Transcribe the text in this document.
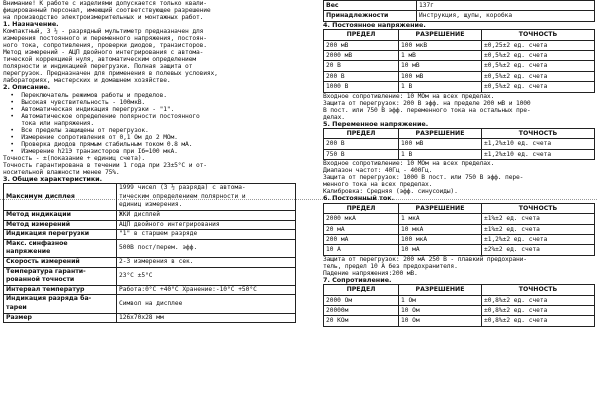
Внимание! К работе с изделиями допускается только квали-
фицированный персонал, имеющий соответствующее разрешение
на производство электроизмерительных и монтажных работ.
1. Назначение.
Компактный, 3 ½ - разрядный мультиметр предназначен для
измерения постоянного и переменного напряжения, постоян-
ного тока, сопротивления, проверки диодов, транзисторов.
Метод измерений - АЦП двойного интегрирования с автома-
тической коррекцией нуля, автоматическим определением
полярности и индикацией перегрузки. Полная защита от
перегрузок. Предназначен для применения в полевых условиях,
лабораториях, мастерских и домашнем хозяйстве.
2. Описание.
•  Переключатель режимов работы и пределов.
•  Высокая чувствительность - 100мкВ.
•  Автоматическая индикация перегрузки - "1".
•  Автоматическое определение полярности постоянного
тока или напряжения.
•  Все пределы защищены от перегрузок.
•  Измерение сопротивления от 0,1 Ом до 2 МОм.
•  Проверка диодов прямым стабильным током 0.8 мА.
•  Измерение h21Э транзисторов при Iб=100 мкА.
Точность - ±(показание + единиц счета).
Точность гарантирована в течении 1 года при 23±5°С и от-
носительной влажности менее 75%.
3. Общие характеристики.
Максимум дисплея	1999 чисел (3 ½ разряда) с автома-
тическим определением полярности и
единиц измерения.
Метод индикации	ЖКИ дисплей
Метод измерений	АЦП двойного интегрирования
Индикация перегрузки	"1" в старшем разряде
Макс. синфазное напряжение	500В пост/перем. эфф.
Скорость измерений	2-3 измерения в сек.
Температура гаранти-
рованной точности	23°С ±5°С
Интервал температур	Работа:0°С +40°С Хранение:-10°С +50°С
Индикация разряда ба-
тареи	Символ на дисплее
Размер	126х70х28 мм
Вес	137г
Принадлежности	Инструкция, щупы, коробка
4. Постоянное напряжение.
ПРЕДЕЛ	РАЗРЕШЕНИЕ	ТОЧНОСТЬ
200 мВ	100 мкВ	±0,25±2 ед. счета
2000 мВ	1 мВ	±0,5%±2 ед. счета
20 В	10 мВ	±0,5%±2 ед. счета
200 В	100 мВ	±0,5%±2 ед. счета
1000 В	1 В	±0,5%±2 ед. счета
Входное сопротивление: 10 МОм на всех пределах.
Защита от перегрузок: 200 В эфф. на пределе 200 мВ и 1000
В пост. или 750 В эфф. переменного тока на остальных пре-
делах.
5. Переменное напряжение.
ПРЕДЕЛ	РАЗРЕШЕНИЕ	ТОЧНОСТЬ
200 В	100 мВ	±1,2%±10 ед. счета
750 В	1 В	±1,2%±10 ед. счета
Входное сопротивление: 10 МОм на всех пределах.
Диапазон частот: 40Гц - 400Гц.
Защита от перегрузок: 1000 В пост. или 750 В эфф. пере-
менного тока на всех пределах.
Калибровка: Средняя (эфф. синусоиды).
6. Постоянный ток.
ПРЕДЕЛ	РАЗРЕШЕНИЕ	ТОЧНОСТЬ
2000 мкА	1 мкА	±1%±2 ед. счета
20 мА	10 мкА	±1%±2 ед. счета
200 мА	100 мкА	±1,2%±2 ед. счета
10 А	10 мА	±2%±2 ед. счета
Защита от перегрузок: 200 мА 250 В - плавкий предохрани-
тель, предел 10 А без предохранителя.
Падение напряжения:200 мВ.
7. Сопротивление.
ПРЕДЕЛ	РАЗРЕШЕНИЕ	ТОЧНОСТЬ
2000 Ом	1 Ом	±0,8%±2 ед. счета
20000м	10 Ом	±0,8%±2 ед. счета
20 КОм	10 Ом	±0,8%±2 ед. счета
